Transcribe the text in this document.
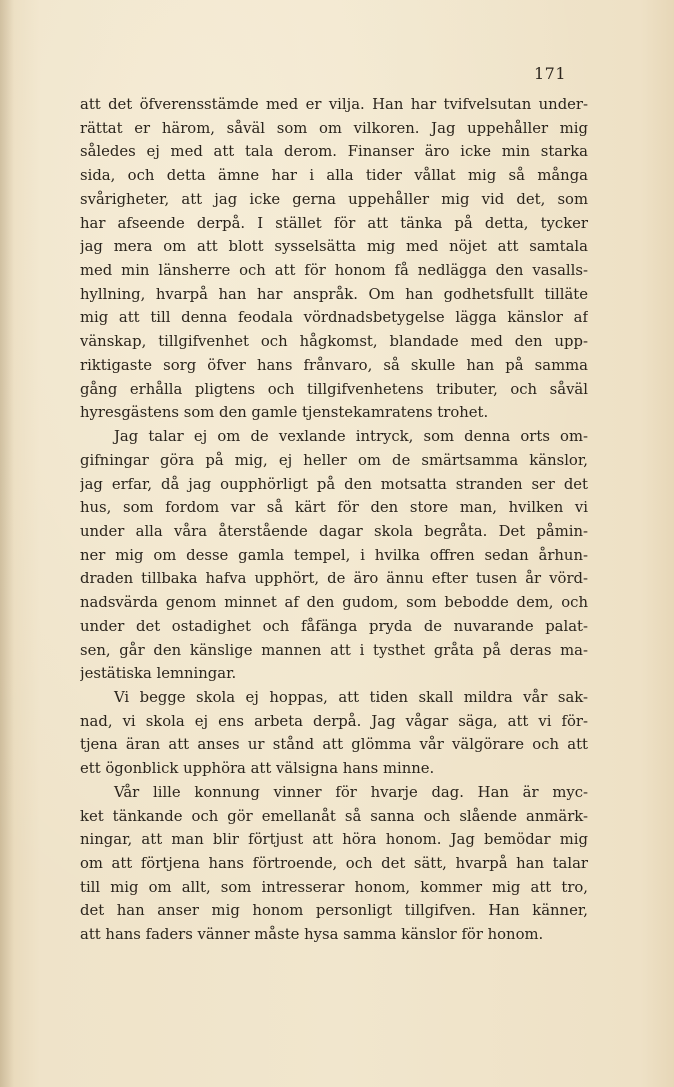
171
att det öfverensstämde med er vilja. Han har tvifvelsutan under-
rättat er härom, såväl som om vilkoren. Jag uppehåller mig
således ej med att tala derom. Finanser äro icke min starka
sida, och detta ämne har i alla tider vållat mig så många
svårigheter, att jag icke gerna uppehåller mig vid det, som
har afseende derpå. I stället för att tänka på detta, tycker
jag mera om att blott sysselsätta mig med nöjet att samtala
med min länsherre och att för honom få nedlägga den vasalls-
hyllning, hvarpå han har anspråk. Om han godhetsfullt tilläte
mig att till denna feodala vördnadsbetygelse lägga känslor af
vänskap, tillgifvenhet och hågkomst, blandade med den upp-
riktigaste sorg öfver hans frånvaro, så skulle han på samma
gång erhålla pligtens och tillgifvenhetens tributer, och såväl
hyresgästens som den gamle tjenstekamratens trohet.
Jag talar ej om de vexlande intryck, som denna orts om-
gifningar göra på mig, ej heller om de smärtsamma känslor,
jag erfar, då jag oupphörligt på den motsatta stranden ser det
hus, som fordom var så kärt för den store man, hvilken vi
under alla våra återstående dagar skola begråta. Det påmin-
ner mig om desse gamla tempel, i hvilka offren sedan århun-
draden tillbaka hafva upphört, de äro ännu efter tusen år vörd-
nadsvärda genom minnet af den gudom, som bebodde dem, och
under det ostadighet och fåfänga pryda de nuvarande palat-
sen, går den känslige mannen att i tysthet gråta på deras ma-
jestätiska lemningar.
Vi begge skola ej hoppas, att tiden skall mildra vår sak-
nad, vi skola ej ens arbeta derpå. Jag vågar säga, att vi för-
tjena äran att anses ur stånd att glömma vår välgörare och att
ett ögonblick upphöra att välsigna hans minne.
Vår lille konnung vinner för hvarje dag. Han är myc-
ket tänkande och gör emellanåt så sanna och slående anmärk-
ningar, att man blir förtjust att höra honom. Jag bemödar mig
om att förtjena hans förtroende, och det sätt, hvarpå han talar
till mig om allt, som intresserar honom, kommer mig att tro,
det han anser mig honom personligt tillgifven. Han känner,
att hans faders vänner måste hysa samma känslor för honom.
